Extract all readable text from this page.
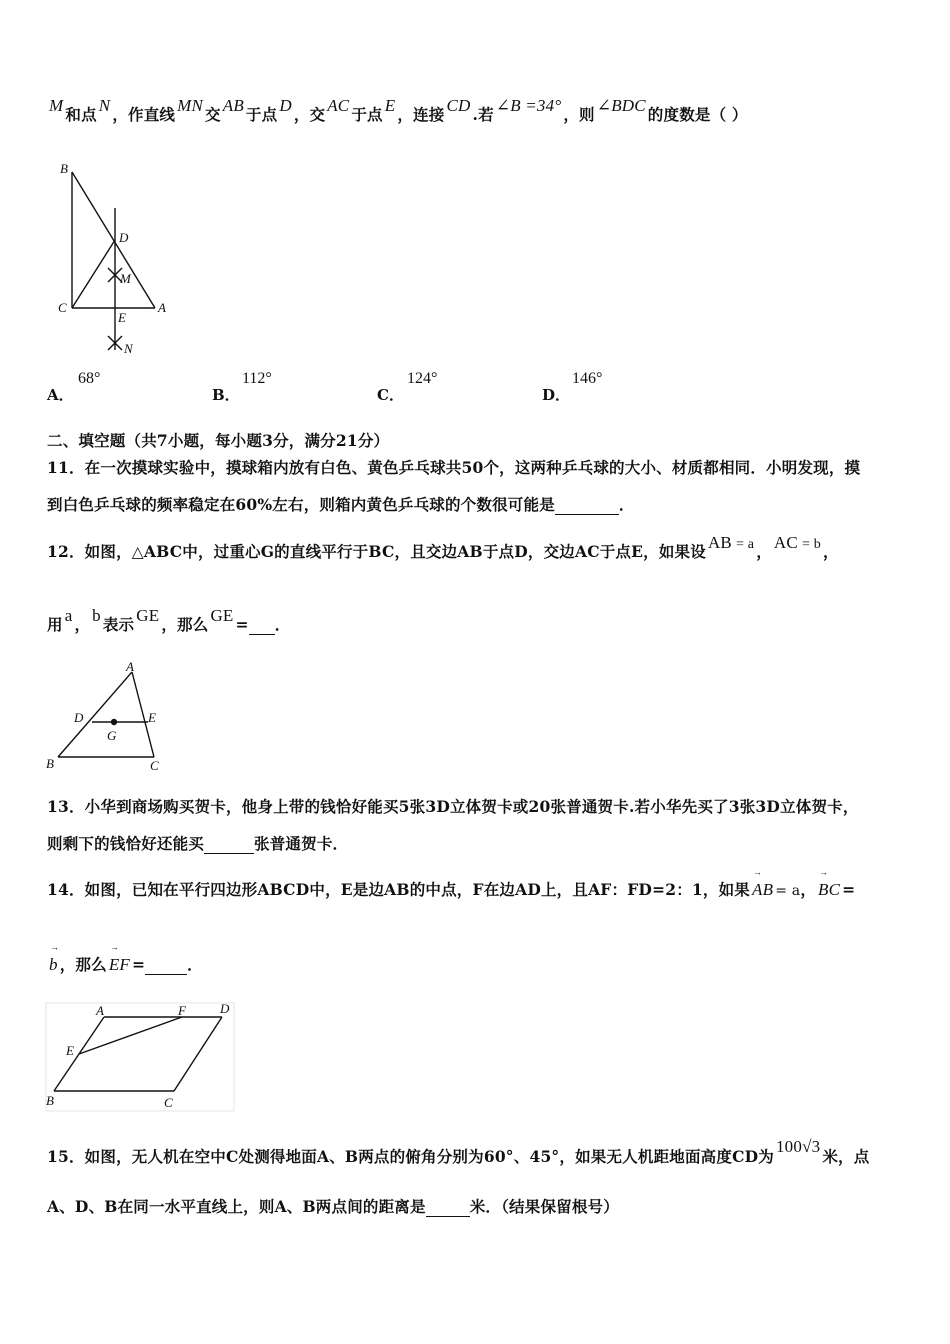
M 和点 N ，作直线 MN 交 AB 于点 D ，交 AC 于点 E ，连接 CD .若 ∠B =34° ，则 ∠BDC 的度数是（ ）
B
D
M
C	A
E
N
A．
68°
B．
112°
C．
124°
D．
146°
二、填空题（共7小题，每小题3分，满分21分）
11．在一次摸球实验中，摸球箱内放有白色、黄色乒乓球共50个，这两种乒乓球的大小、材质都相同．小明发现，摸
到白色乒乓球的频率稳定在60%左右，则箱内黄色乒乓球的个数很可能是	．
12．如图，△ABC中，过重心G的直线平行于BC，且交边AB于点D，交边AC于点E，如果设 AB = a ， AC = b ，
用 a ， b 表示 GE ，那么 GE = ．
A
D	E
G
B	C
13．小华到商场购买贺卡，他身上带的钱恰好能买5张3D立体贺卡或20张普通贺卡.若小华先买了3张3D立体贺卡，
则剩下的钱恰好还能买	张普通贺卡．
14．如图，已知在平行四边形ABCD中，E是边AB的中点，F在边AD上，且AF：FD=2：1，如果 → AB = a， → BC =
→ b ，那么 → EF =	．
A	F	D
E
B	C
15．如图，无人机在空中C处测得地面A、B两点的俯角分别为60°、45°，如果无人机距地面高度CD为100√3米，点
A、D、B在同一水平直线上，则A、B两点间的距离是	米．（结果保留根号）
